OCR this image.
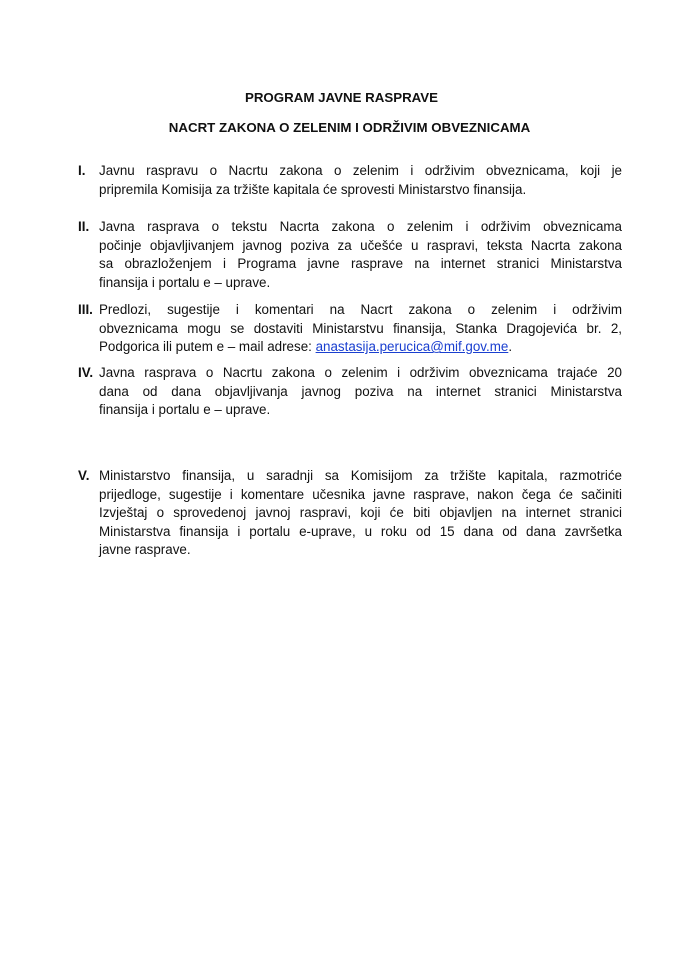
PROGRAM JAVNE RASPRAVE
NACRT ZAKONA O ZELENIM I ODRŽIVIM OBVEZNICAMA
I. Javnu raspravu o Nacrtu zakona o zelenim i održivim obveznicama, koji je
pripremila Komisija za tržište kapitala će sprovesti Ministarstvo finansija.
II. Javna rasprava o tekstu Nacrta zakona o zelenim i održivim obveznicama
počinje objavljivanjem javnog poziva za učešće u raspravi, teksta Nacrta zakona
sa obrazloženjem i Programa javne rasprave na internet stranici Ministarstva
finansija i portalu e – uprave.
III. Predlozi, sugestije i komentari na Nacrt zakona o zelenim i održivim
obveznicama mogu se dostaviti Ministarstvu finansija, Stanka Dragojevića br. 2,
Podgorica ili putem e – mail adrese: anastasija.perucica@mif.gov.me.
IV. Javna rasprava o Nacrtu zakona o zelenim i održivim obveznicama trajaće 20
dana od dana objavljivanja javnog poziva na internet stranici Ministarstva
finansija i portalu e – uprave.
V. Ministarstvo finansija, u saradnji sa Komisijom za tržište kapitala, razmotriće
prijedloge, sugestije i komentare učesnika javne rasprave, nakon čega će sačiniti
Izvještaj o sprovedenoj javnoj raspravi, koji će biti objavljen na internet stranici
Ministarstva finansija i portalu e-uprave, u roku od 15 dana od dana završetka
javne rasprave.
